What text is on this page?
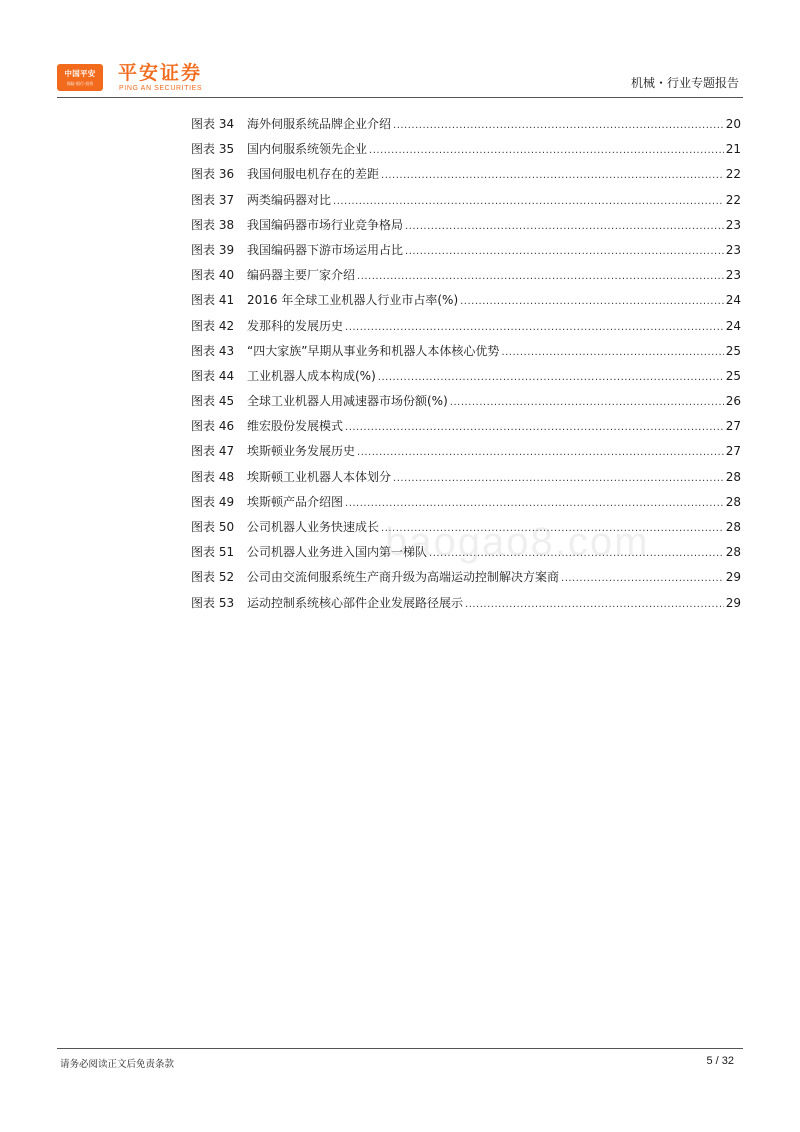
中国平安
保险·银行·投资 平安证券
PING AN SECURITIES	机械・行业专题报告
图表 34	海外伺服系统品牌企业介绍 .....	20
图表 35	国内伺服系统领先企业 .....	21
图表 36	我国伺服电机存在的差距 .....	22
图表 37	两类编码器对比 .....	22
图表 38	我国编码器市场行业竞争格局 .....	23
图表 39	我国编码器下游市场运用占比 .....	23
图表 40	编码器主要厂家介绍 .....	23
图表 41	2016 年全球工业机器人行业市占率(%) .....	24
图表 42	发那科的发展历史 .....	24
图表 43	“四大家族”早期从事业务和机器人本体核心优势 .....	25
图表 44	工业机器人成本构成(%) .....	25
图表 45	全球工业机器人用减速器市场份额(%) .....	26
图表 46	维宏股份发展模式 .....	27
图表 47	埃斯顿业务发展历史 .....	27
图表 48	埃斯顿工业机器人本体划分 .....	28
图表 49	埃斯顿产品介绍图 .....	28
图表 50	公司机器人业务快速成长 .....	28
图表 51	公司机器人业务进入国内第一梯队 .....	28
图表 52	公司由交流伺服系统生产商升级为高端运动控制解决方案商 .....	29
图表 53	运动控制系统核心部件企业发展路径展示 .....	29
baogao8.com
请务必阅读正文后免责条款	5 / 32
